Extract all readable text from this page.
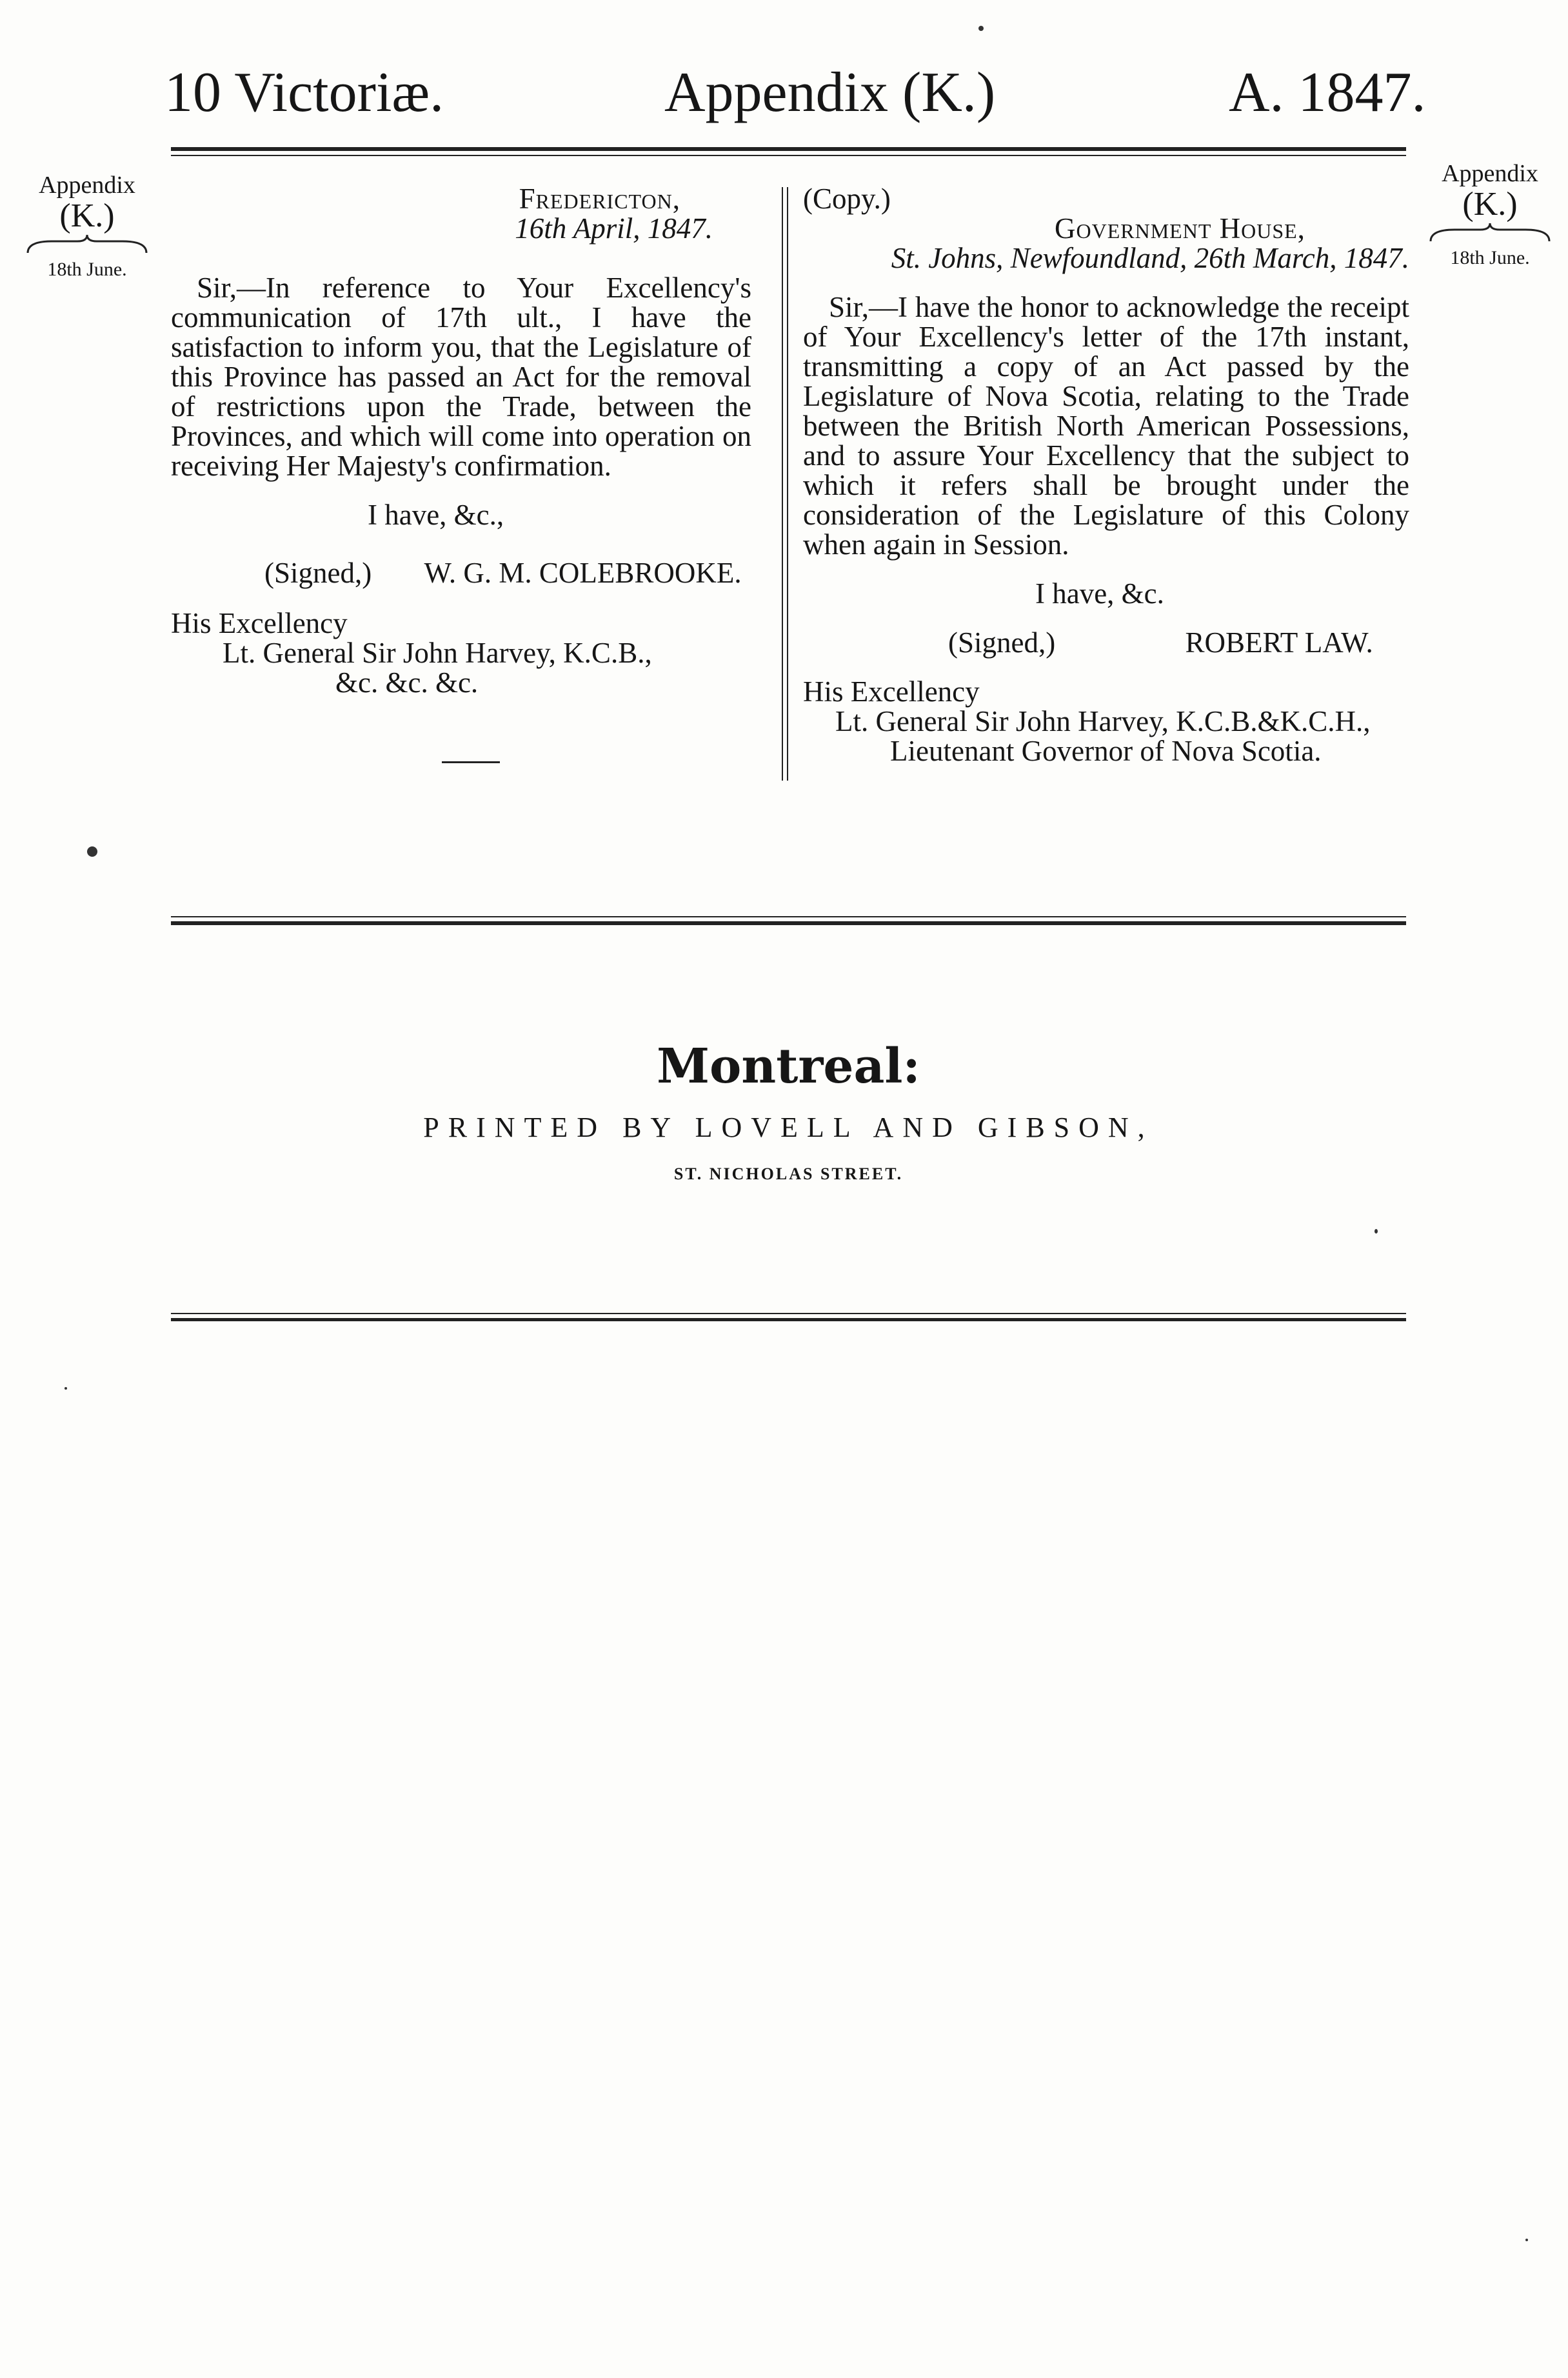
10 Victoriæ.	Appendix (K.)	A. 1847.
Appendix
(K.)
18th June.
Appendix
(K.)
18th June.
Fredericton,
16th April, 1847.
Sir,—In reference to Your Excellency's communication of 17th ult., I have the satisfaction to inform you, that the Legislature of this Province has passed an Act for the removal of restrictions upon the Trade, between the Provinces, and which will come into operation on receiving Her Majesty's confirmation.
I have, &c.,
(Signed,) W. G. M. COLEBROOKE.
His Excellency
Lt. General Sir John Harvey, K.C.B.,
&c. &c. &c.
(Copy.)
Government House,
St. Johns, Newfoundland, 26th March, 1847.
Sir,—I have the honor to acknowledge the receipt of Your Excellency's letter of the 17th instant, transmitting a copy of an Act passed by the Legislature of Nova Scotia, relating to the Trade between the British North American Possessions, and to assure Your Excellency that the subject to which it refers shall be brought under the consideration of the Legislature of this Colony when again in Session.
I have, &c.
(Signed,)	ROBERT LAW.
His Excellency
Lt. General Sir John Harvey, K.C.B.&K.C.H.,
Lieutenant Governor of Nova Scotia.
Montreal:
PRINTED BY LOVELL AND GIBSON,
ST. NICHOLAS STREET.
